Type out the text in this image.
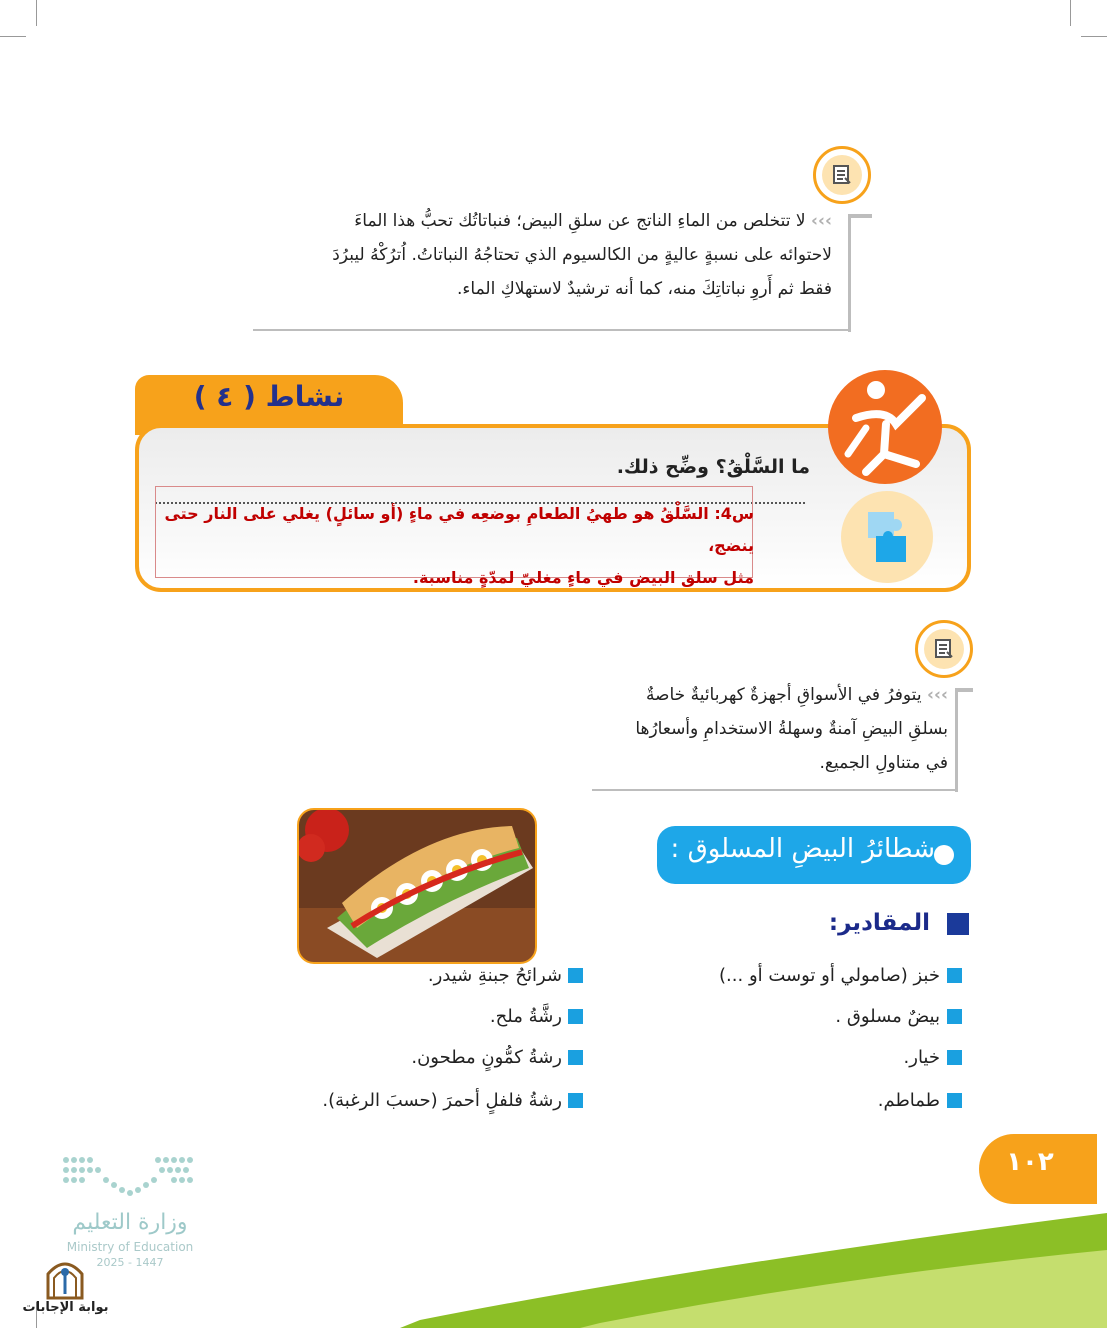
››› لا تتخلص من الماءِ الناتج عن سلقِ البيض؛ فنباتاتُك تحبُّ هذا الماءَ
لاحتوائه على نسبةٍ عاليةٍ من الكالسيوم الذي تحتاجُهُ النباتاتُ. اُترُكْهُ ليبرُدَ
فقط ثم أَروِ نباتاتِكَ منه، كما أنه ترشيدٌ لاستهلاكِ الماء.
نشاط ( ٤ )
ما السَّلْقُ؟ وضِّح ذلك.
س4: السَّلْقُ هو طهيُ الطعامِ بوضعِه في ماءٍ (أو سائلٍ) يغلي على النار حتى ينضج،
مثل سلق البيض في ماءٍ مغليّ لمدّةٍ مناسبة.
››› يتوفرُ في الأسواقِ أجهزةٌ كهربائيةٌ خاصةٌ
بسلقِ البيضِ آمنةٌ وسهلةُ الاستخدامِ وأسعارُها
في متناولِ الجميع.
شطائرُ البيضِ المسلوق :
المقادير:
خبز (صامولي أو توست أو ...)
بيضٌ مسلوق .
خيار.
طماطم.
شرائحُ جبنةِ شيدر.
رشَّةُ ملح.
رشةُ كمُّونٍ مطحون.
رشةُ فلفلٍ أحمرَ (حسبَ الرغبة).
١٠٢
وزارة التعليم
Ministry of Education
2025 - 1447
بوابة الإجابات
